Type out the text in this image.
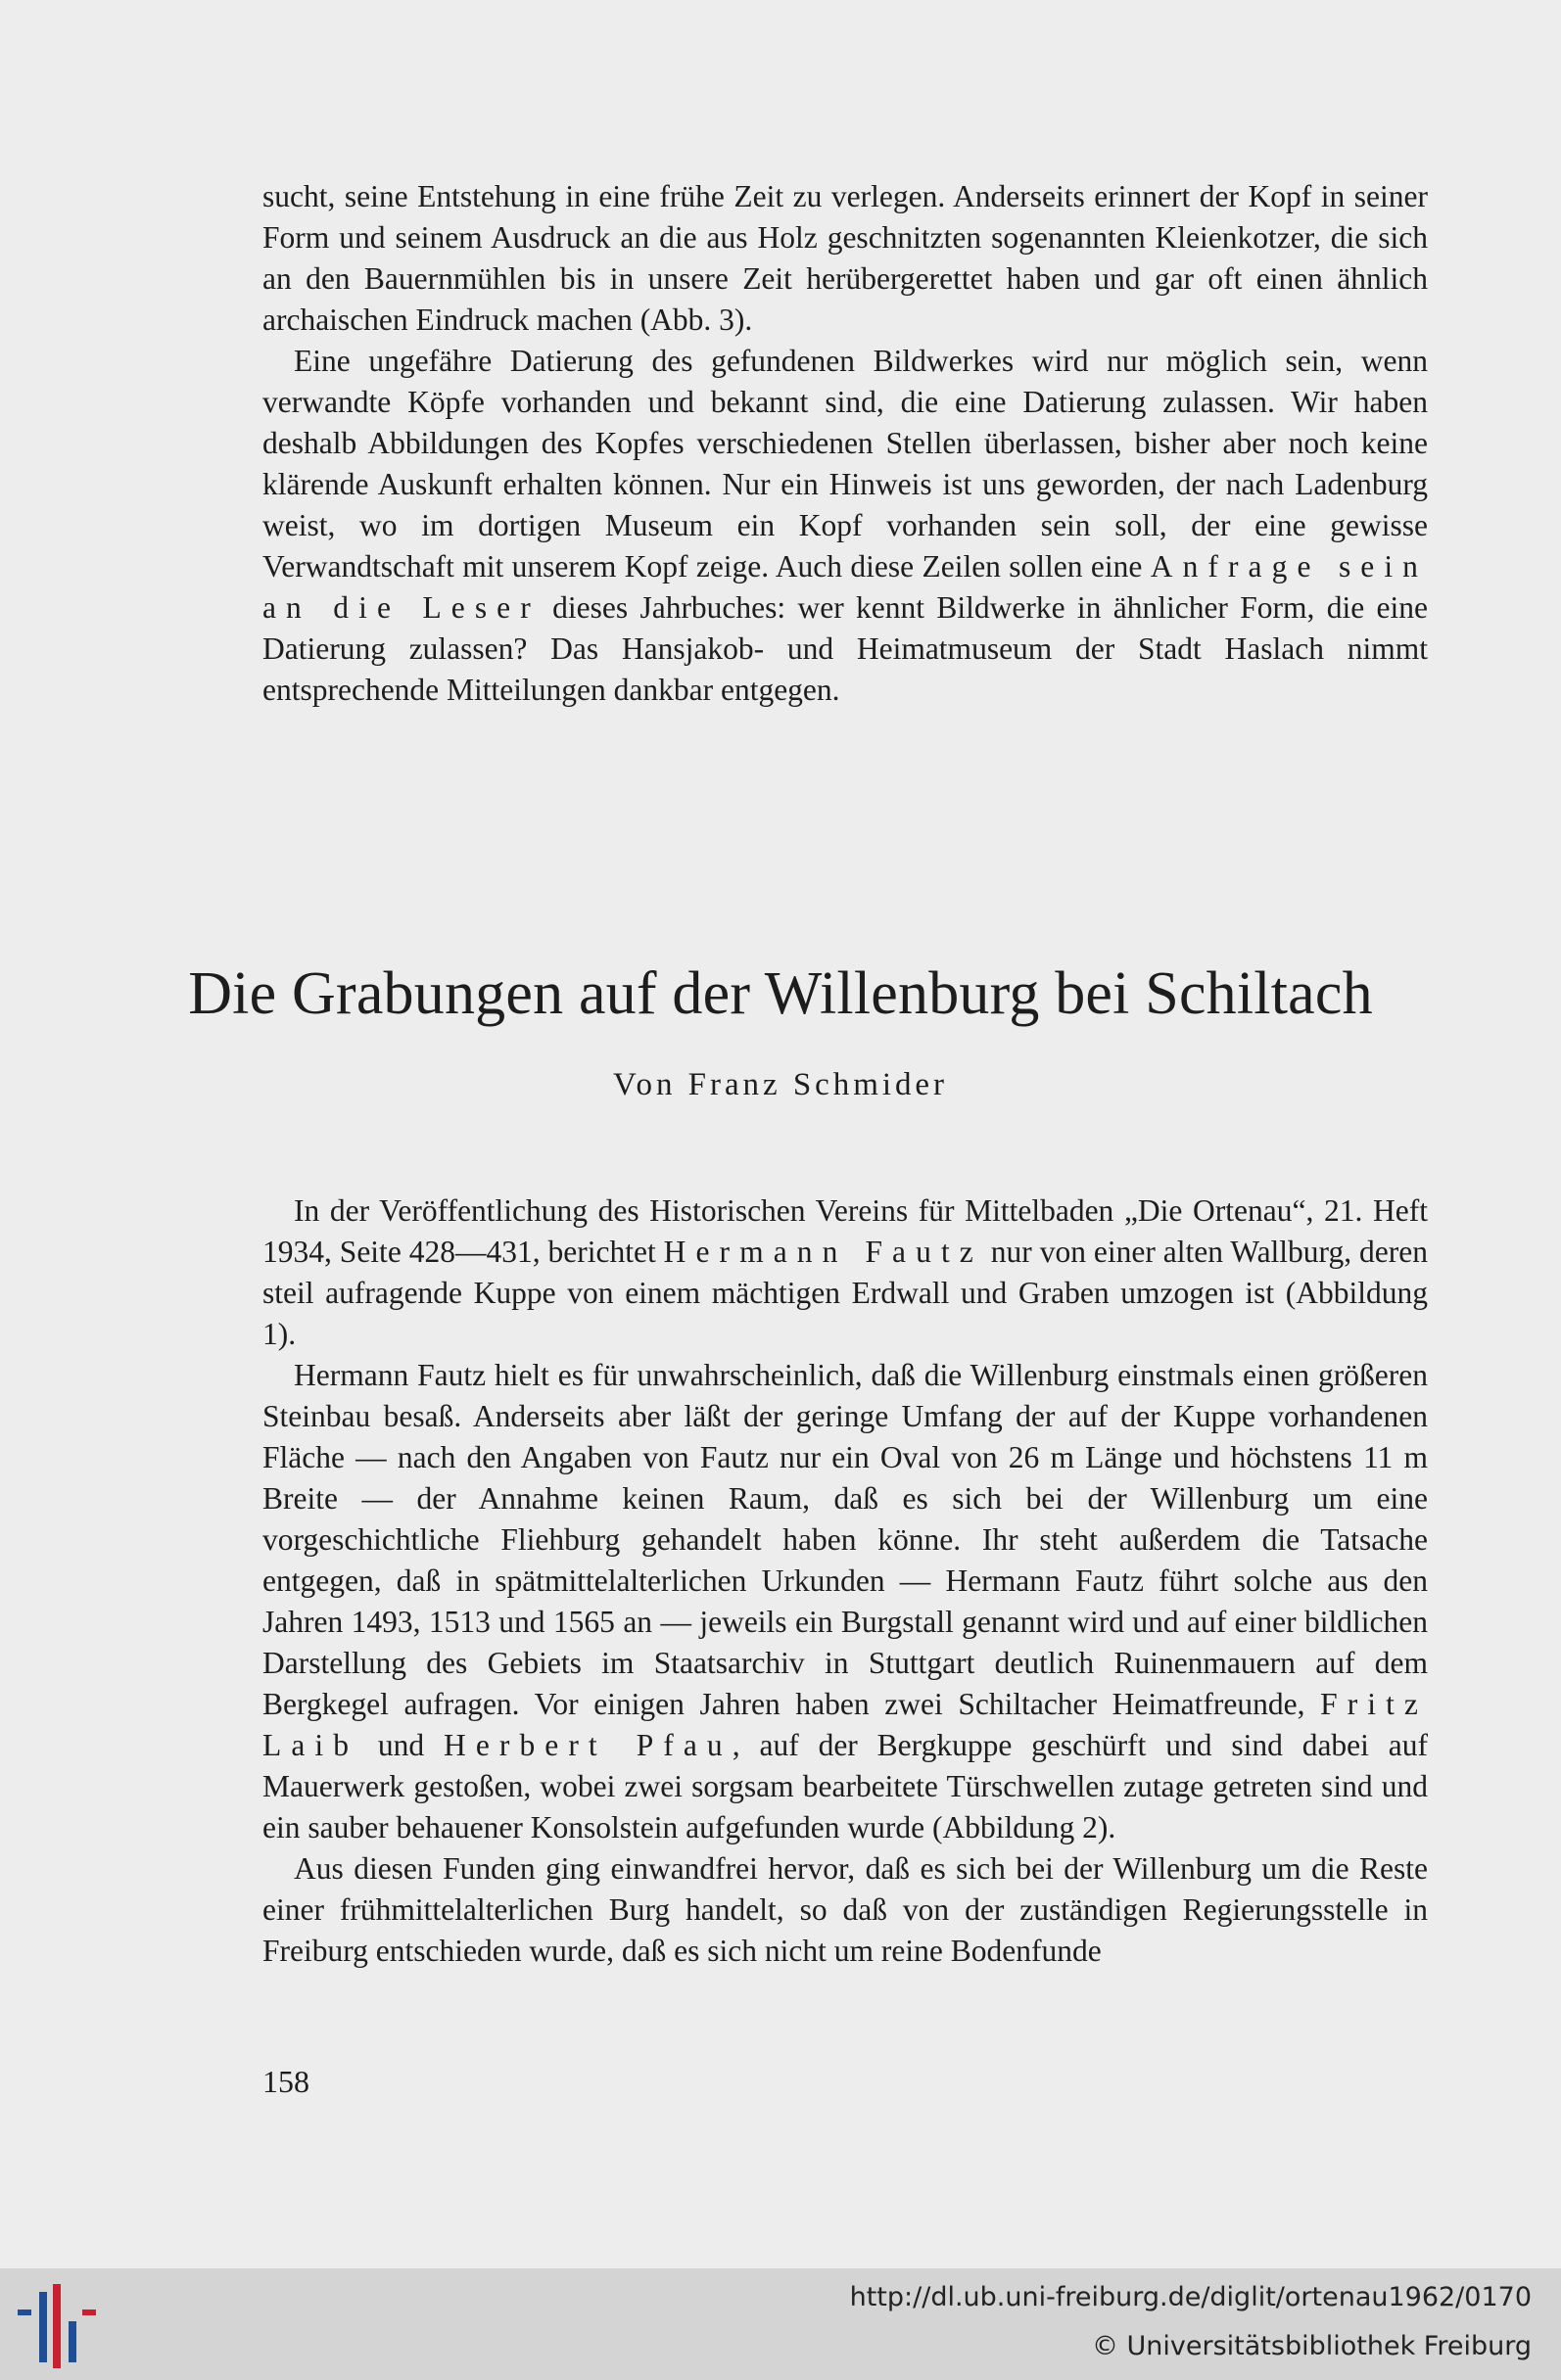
sucht, seine Entstehung in eine frühe Zeit zu verlegen. Anderseits erinnert der Kopf in seiner Form und seinem Ausdruck an die aus Holz geschnitzten sogenannten Kleienkotzer, die sich an den Bauernmühlen bis in unsere Zeit herübergerettet haben und gar oft einen ähnlich archaischen Eindruck machen (Abb. 3).

Eine ungefähre Datierung des gefundenen Bildwerkes wird nur möglich sein, wenn verwandte Köpfe vorhanden und bekannt sind, die eine Datierung zulassen. Wir haben deshalb Abbildungen des Kopfes verschiedenen Stellen überlassen, bisher aber noch keine klärende Auskunft erhalten können. Nur ein Hinweis ist uns geworden, der nach Ladenburg weist, wo im dortigen Museum ein Kopf vorhanden sein soll, der eine gewisse Verwandtschaft mit unserem Kopf zeige. Auch diese Zeilen sollen eine Anfrage sein an die Leser dieses Jahrbuches: wer kennt Bildwerke in ähnlicher Form, die eine Datierung zulassen? Das Hansjakob- und Heimatmuseum der Stadt Haslach nimmt entsprechende Mitteilungen dankbar entgegen.

Die Grabungen auf der Willenburg bei Schiltach
Von Franz Schmider

In der Veröffentlichung des Historischen Vereins für Mittelbaden „Die Ortenau“, 21. Heft 1934, Seite 428—431, berichtet Hermann Fautz nur von einer alten Wallburg, deren steil aufragende Kuppe von einem mächtigen Erdwall und Graben umzogen ist (Abbildung 1).

Hermann Fautz hielt es für unwahrscheinlich, daß die Willenburg einstmals einen größeren Steinbau besaß. Anderseits aber läßt der geringe Umfang der auf der Kuppe vorhandenen Fläche — nach den Angaben von Fautz nur ein Oval von 26 m Länge und höchstens 11 m Breite — der Annahme keinen Raum, daß es sich bei der Willenburg um eine vorgeschichtliche Fliehburg gehandelt haben könne. Ihr steht außerdem die Tatsache entgegen, daß in spätmittelalterlichen Urkunden — Hermann Fautz führt solche aus den Jahren 1493, 1513 und 1565 an — jeweils ein Burgstall genannt wird und auf einer bildlichen Darstellung des Gebiets im Staatsarchiv in Stuttgart deutlich Ruinenmauern auf dem Bergkegel aufragen. Vor einigen Jahren haben zwei Schiltacher Heimatfreunde, Fritz Laib und Herbert Pfau, auf der Bergkuppe geschürft und sind dabei auf Mauerwerk gestoßen, wobei zwei sorgsam bearbeitete Türschwellen zutage getreten sind und ein sauber behauener Konsolstein aufgefunden wurde (Abbildung 2).

Aus diesen Funden ging einwandfrei hervor, daß es sich bei der Willenburg um die Reste einer frühmittelalterlichen Burg handelt, so daß von der zuständigen Regierungsstelle in Freiburg entschieden wurde, daß es sich nicht um reine Bodenfunde

158
http://dl.ub.uni-freiburg.de/diglit/ortenau1962/0170
© Universitätsbibliothek Freiburg
